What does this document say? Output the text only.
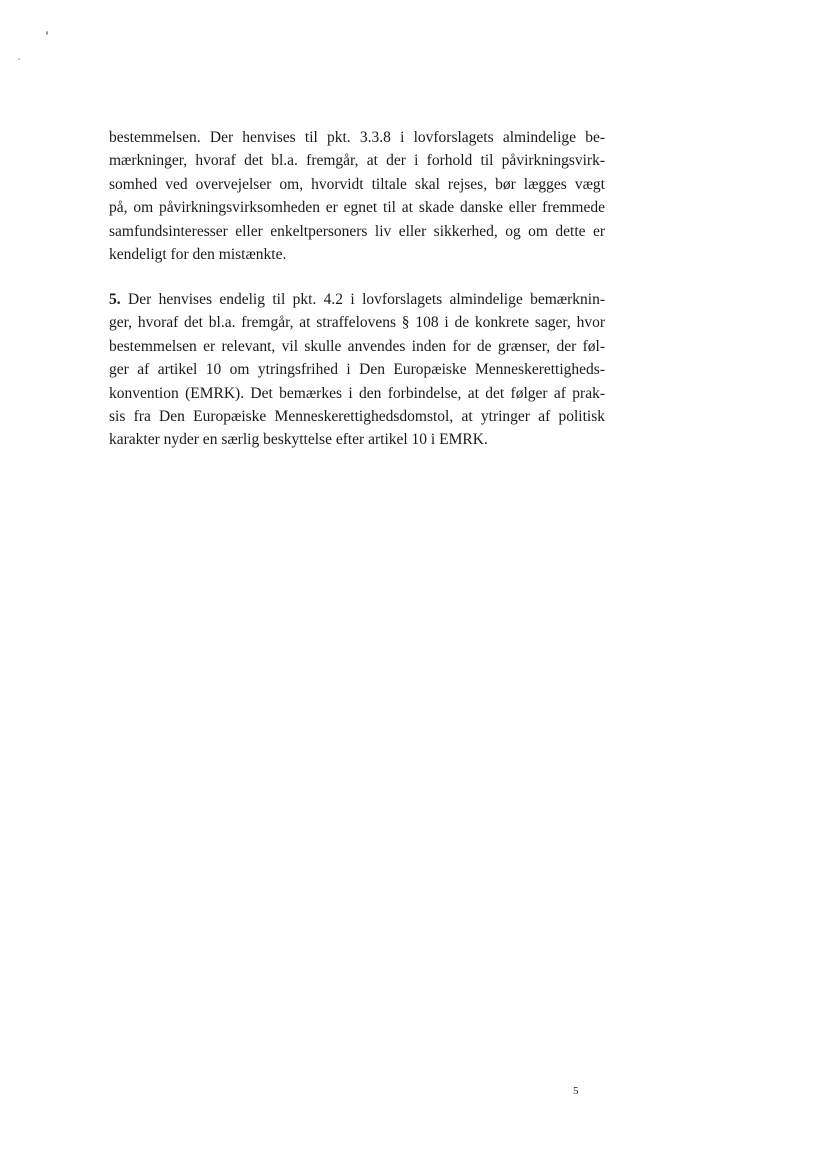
bestemmelsen. Der henvises til pkt. 3.3.8 i lovforslagets almindelige be-
mærkninger, hvoraf det bl.a. fremgår, at der i forhold til påvirkningsvirk-
somhed ved overvejelser om, hvorvidt tiltale skal rejses, bør lægges vægt
på, om påvirkningsvirksomheden er egnet til at skade danske eller fremmede
samfundsinteresser eller enkeltpersoners liv eller sikkerhed, og om dette er
kendeligt for den mistænkte.

5. Der henvises endelig til pkt. 4.2 i lovforslagets almindelige bemærknin-
ger, hvoraf det bl.a. fremgår, at straffelovens § 108 i de konkrete sager, hvor
bestemmelsen er relevant, vil skulle anvendes inden for de grænser, der føl-
ger af artikel 10 om ytringsfrihed i Den Europæiske Menneskerettigheds-
konvention (EMRK). Det bemærkes i den forbindelse, at det følger af prak-
sis fra Den Europæiske Menneskerettighedsdomstol, at ytringer af politisk
karakter nyder en særlig beskyttelse efter artikel 10 i EMRK.

5
